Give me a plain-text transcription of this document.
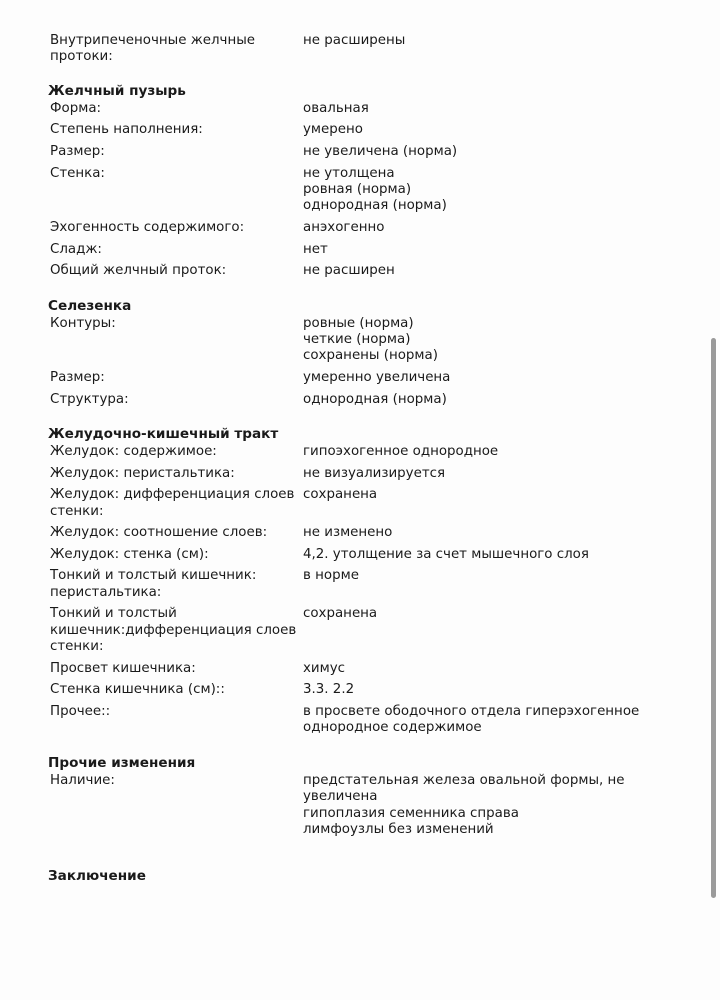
Внутрипеченочные желчные протоки:
не расширены
Желчный пузырь
Форма:	овальная
Степень наполнения:	умерено
Размер:	не увеличена (норма)
Стенка:	не утолщена
ровная (норма)
однородная (норма)
Эхогенность содержимого:	анэхогенно
Сладж:	нет
Общий желчный проток:	не расширен
Селезенка
Контуры:	ровные (норма)
четкие (норма)
сохранены (норма)
Размер:	умеренно увеличена
Структура:	однородная (норма)
Желудочно-кишечный тракт
Желудок: содержимое:	гипоэхогенное однородное
Желудок: перистальтика:	не визуализируется
Желудок: дифференциация слоев стенки:
сохранена
Желудок: соотношение слоев:	не изменено
Желудок: стенка (см):	4,2. утолщение за счет мышечного слоя
Тонкий и толстый кишечник: перистальтика:
в норме
Тонкий и толстый кишечник:дифференциация слоев стенки:
сохранена
Просвет кишечника:	химус
Стенка кишечника (см)::	3.3. 2.2
Прочее::	в просвете ободочного отдела гиперэхогенное
однородное содержимое
Прочие изменения
Наличие:	предстательная железа овальной формы, не
увеличена
гипоплазия семенника справа
лимфоузлы без изменений
Заключение
